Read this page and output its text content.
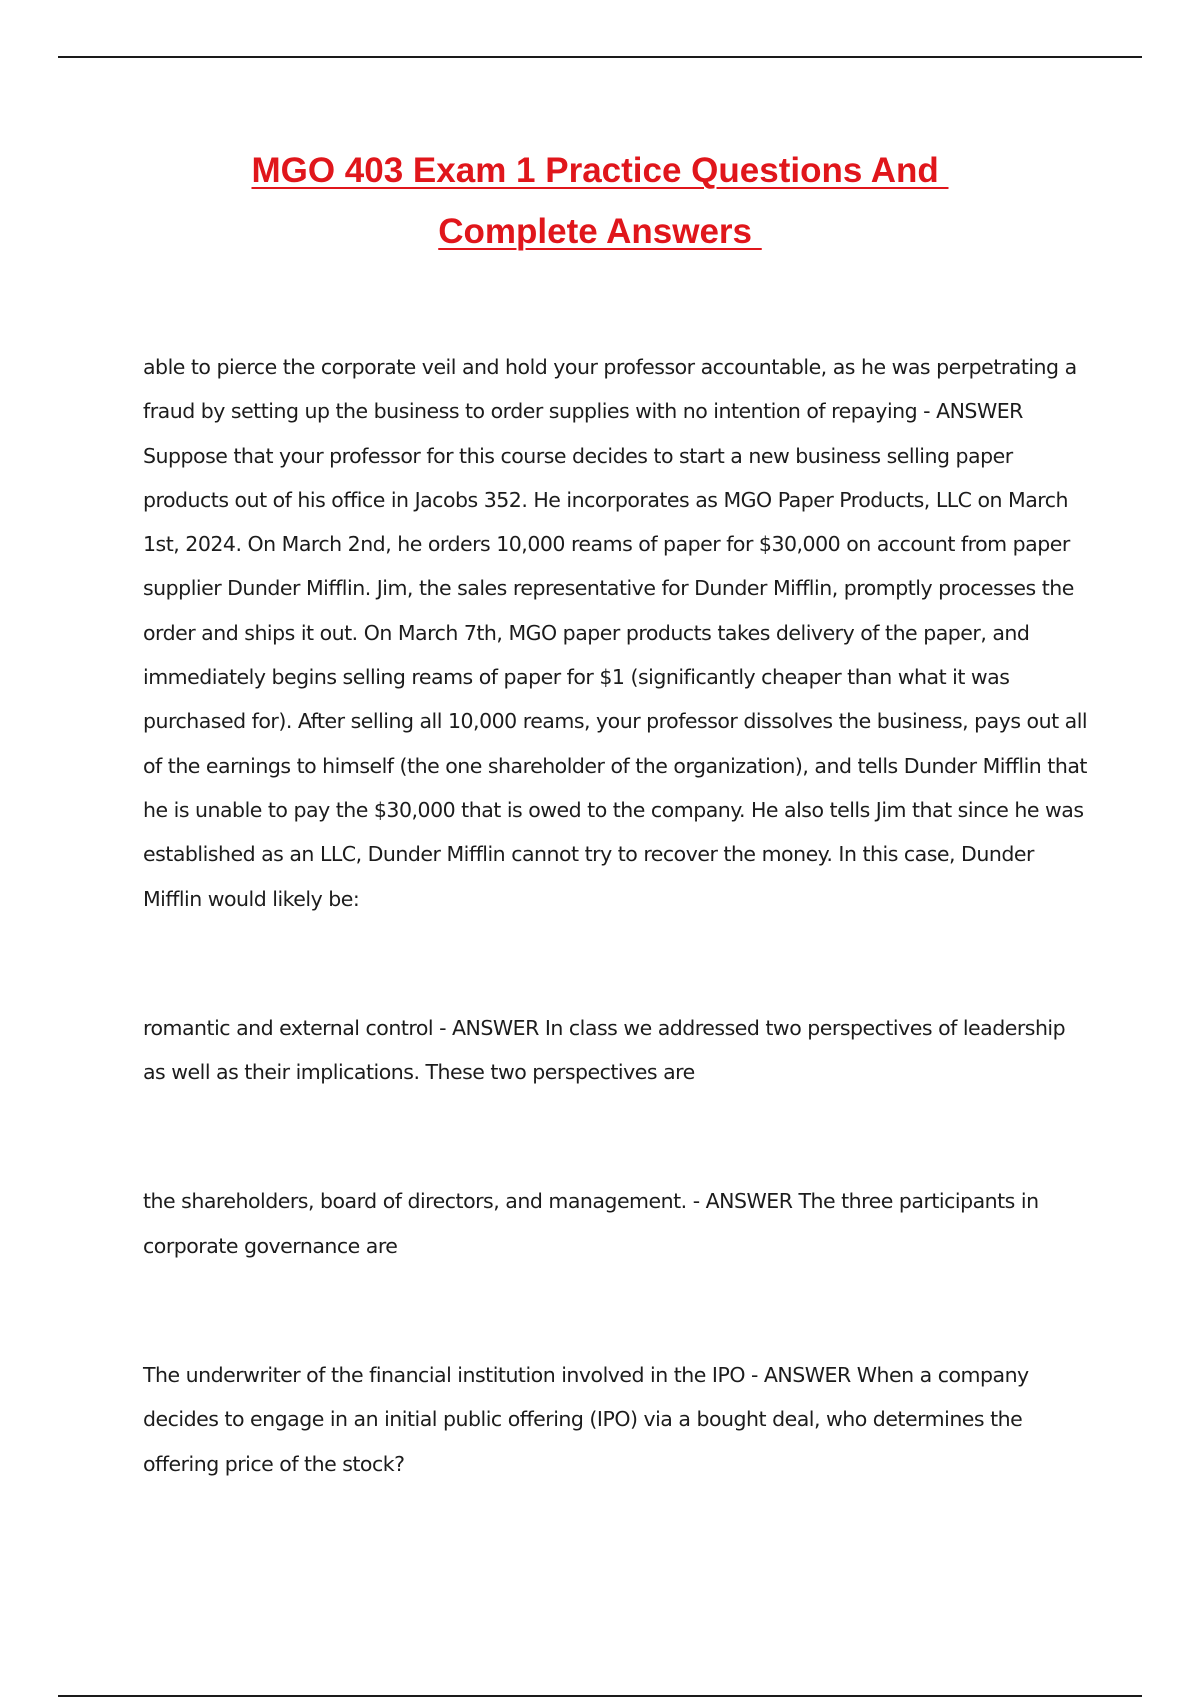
MGO 403 Exam 1 Practice Questions And
Complete Answers

able to pierce the corporate veil and hold your professor accountable, as he was perpetrating a fraud by setting up the business to order supplies with no intention of repaying - ANSWER Suppose that your professor for this course decides to start a new business selling paper products out of his office in Jacobs 352. He incorporates as MGO Paper Products, LLC on March 1st, 2024. On March 2nd, he orders 10,000 reams of paper for $30,000 on account from paper supplier Dunder Mifflin. Jim, the sales representative for Dunder Mifflin, promptly processes the order and ships it out. On March 7th, MGO paper products takes delivery of the paper, and immediately begins selling reams of paper for $1 (significantly cheaper than what it was purchased for). After selling all 10,000 reams, your professor dissolves the business, pays out all of the earnings to himself (the one shareholder of the organization), and tells Dunder Mifflin that he is unable to pay the $30,000 that is owed to the company. He also tells Jim that since he was established as an LLC, Dunder Mifflin cannot try to recover the money. In this case, Dunder Mifflin would likely be:

romantic and external control - ANSWER In class we addressed two perspectives of leadership as well as their implications. These two perspectives are

the shareholders, board of directors, and management. - ANSWER The three participants in corporate governance are

The underwriter of the financial institution involved in the IPO - ANSWER When a company decides to engage in an initial public offering (IPO) via a bought deal, who determines the offering price of the stock?
